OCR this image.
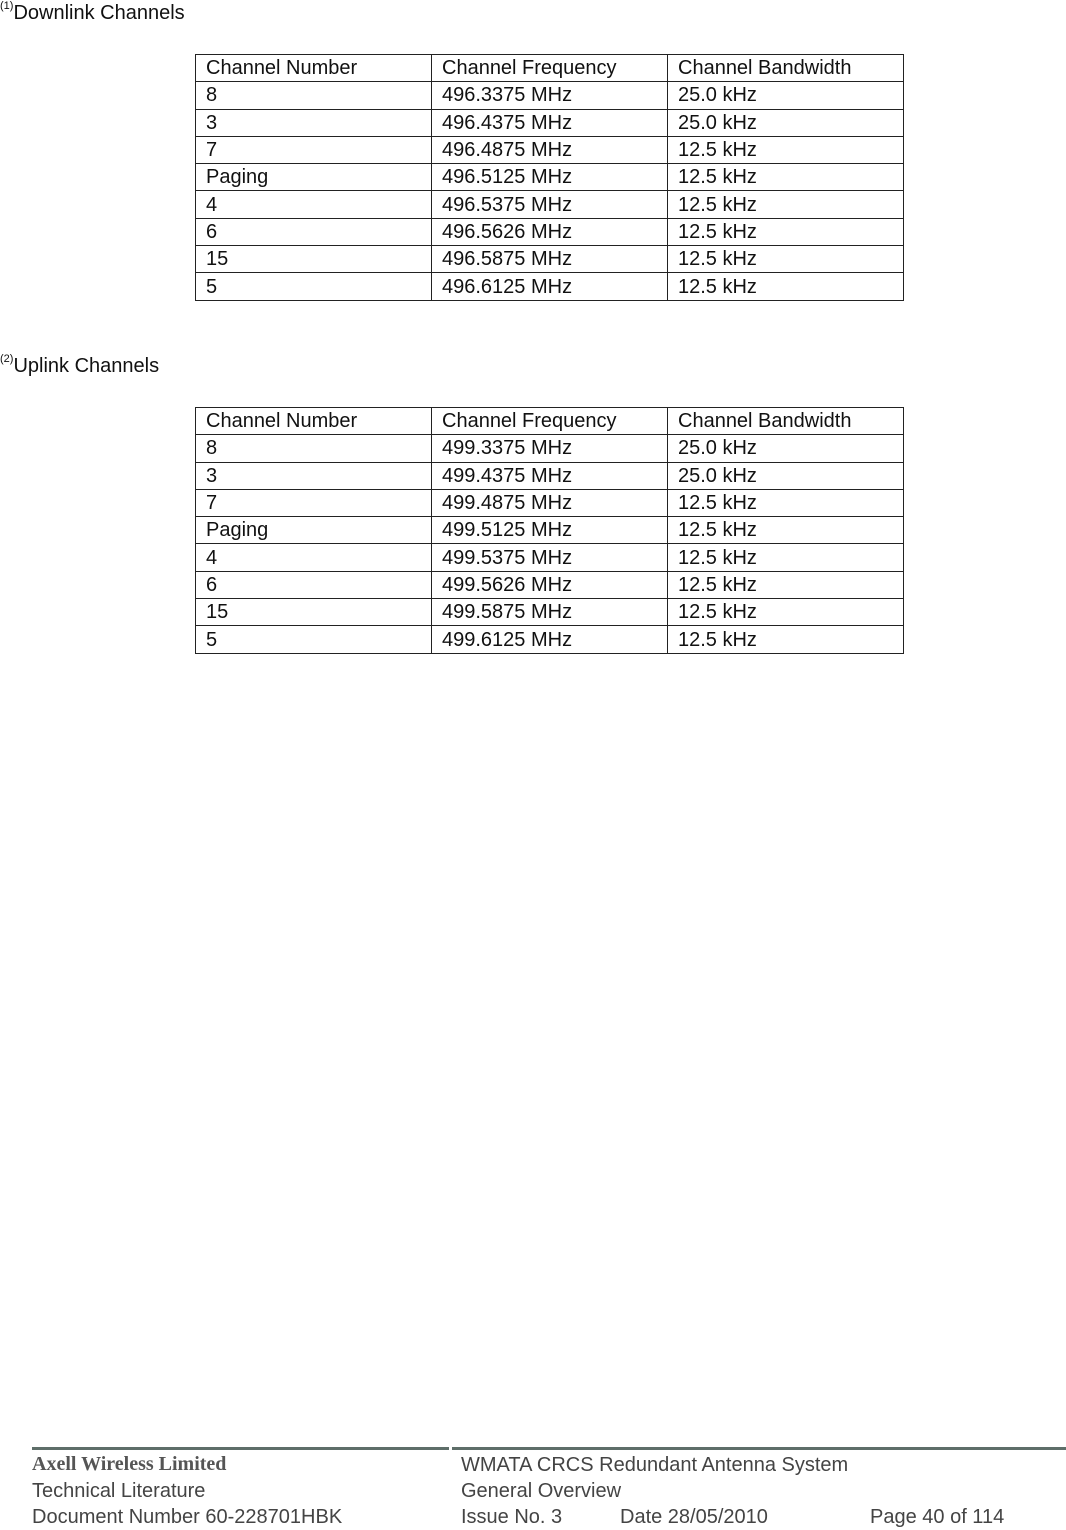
$^{(1)}$Downlink Channels
Channel Number	Channel Frequency	Channel Bandwidth
8	496.3375 MHz	25.0 kHz
3	496.4375 MHz	25.0 kHz
7	496.4875 MHz	12.5 kHz
Paging	496.5125 MHz	12.5 kHz
4	496.5375 MHz	12.5 kHz
6	496.5626 MHz	12.5 kHz
15	496.5875 MHz	12.5 kHz
5	496.6125 MHz	12.5 kHz
$^{(2)}$Uplink Channels
Channel Number	Channel Frequency	Channel Bandwidth
8	499.3375 MHz	25.0 kHz
3	499.4375 MHz	25.0 kHz
7	499.4875 MHz	12.5 kHz
Paging	499.5125 MHz	12.5 kHz
4	499.5375 MHz	12.5 kHz
6	499.5626 MHz	12.5 kHz
15	499.5875 MHz	12.5 kHz
5	499.6125 MHz	12.5 kHz
Axell Wireless Limited
Technical Literature
Document Number 60-228701HBK
WMATA CRCS Redundant Antenna System
General Overview
Issue No. 3	Date 28/05/2010	Page 40 of 114
